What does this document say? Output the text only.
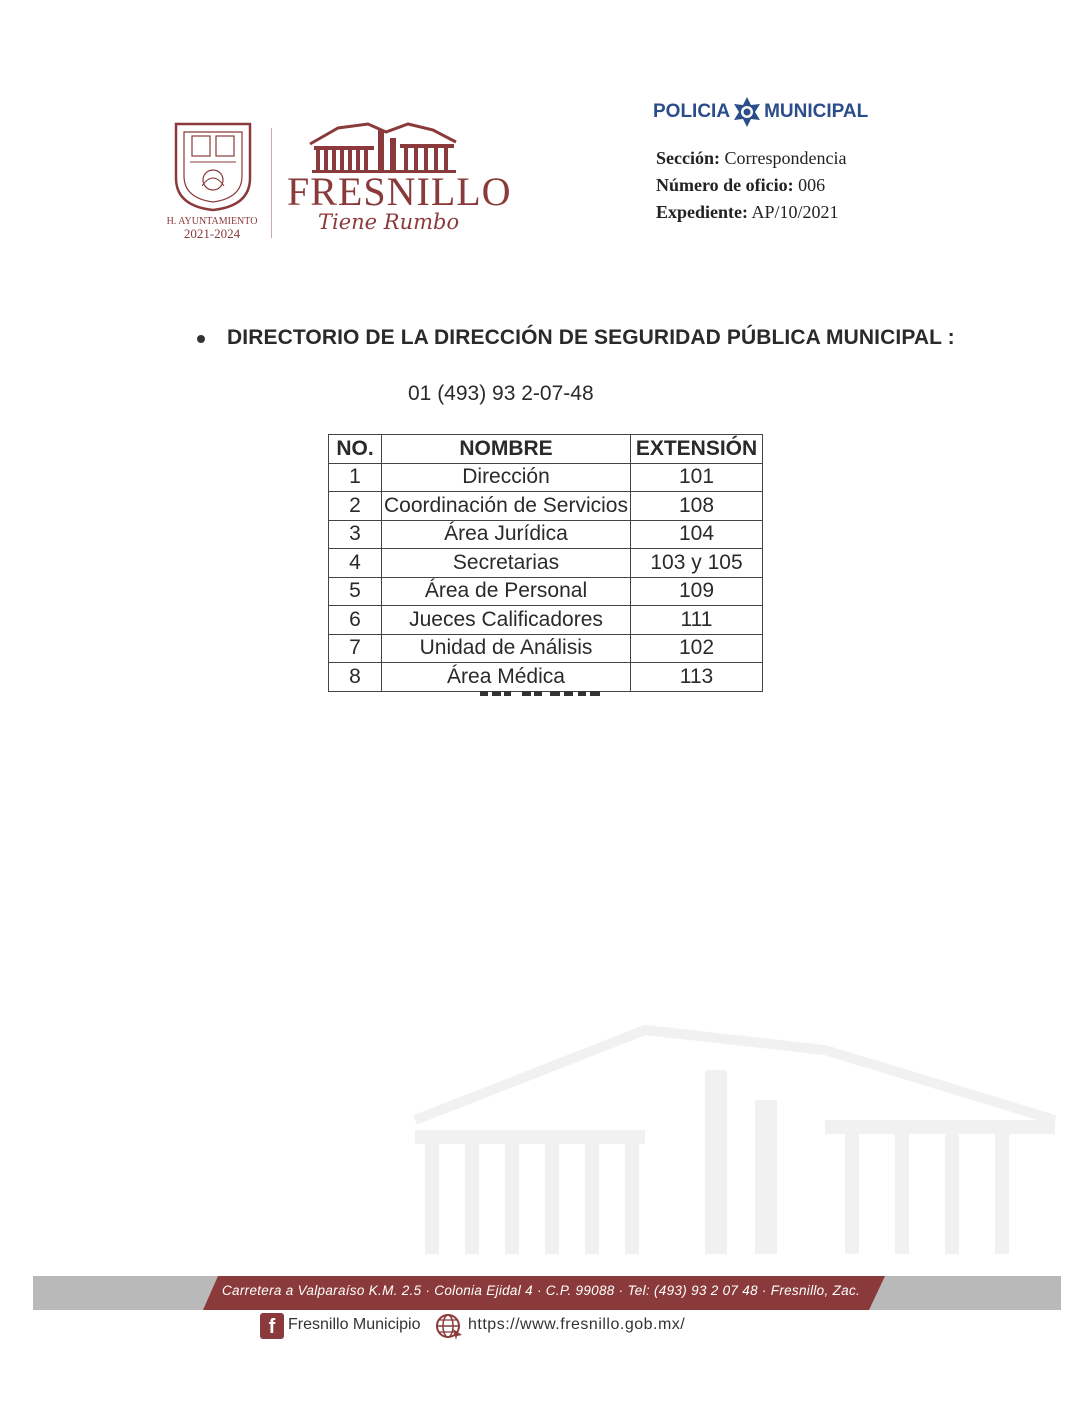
H. AYUNTAMIENTO
2021-2024
FRESNILLO
Tiene Rumbo
POLICIA MUNICIPAL
Sección: Correspondencia
Número de oficio: 006
Expediente: AP/10/2021
DIRECTORIO DE LA DIRECCIÓN DE SEGURIDAD PÚBLICA MUNICIPAL :
01 (493) 93 2-07-48
NO.	NOMBRE	EXTENSIÓN
1	Dirección	101
2	Coordinación de Servicios	108
3	Área Jurídica	104
4	Secretarias	103 y 105
5	Área de Personal	109
6	Jueces Calificadores	111
7	Unidad de Análisis	102
8	Área Médica	113
Carretera a Valparaíso K.M. 2.5 · Colonia Ejidal 4 · C.P. 99088 · Tel: (493) 93 2 07 48 · Fresnillo, Zac.
f Fresnillo Municipio	https://www.fresnillo.gob.mx/
